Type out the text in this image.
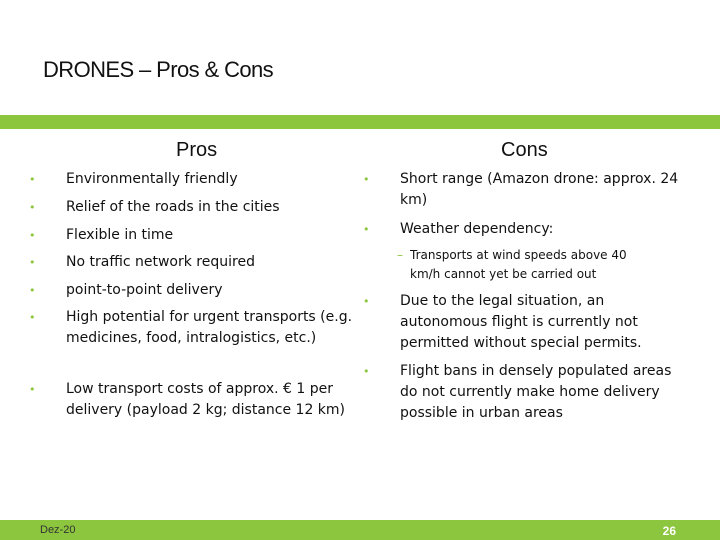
DRONES – Pros & Cons
Pros	Cons
• Environmentally friendly
• Relief of the roads in the cities
• Flexible in time
• No traffic network required
• point-to-point delivery
• High potential for urgent transports (e.g. medicines, food, intralogistics, etc.)
• Low transport costs of approx. € 1 per delivery (payload 2 kg; distance 12 km)
• Short range (Amazon drone: approx. 24 km)
• Weather dependency:
• Due to the legal situation, an autonomous flight is currently not permitted without special permits.
• Flight bans in densely populated areas do not currently make home delivery possible in urban areas
– Transports at wind speeds above 40 km/h cannot yet be carried out
Dez-20	26
